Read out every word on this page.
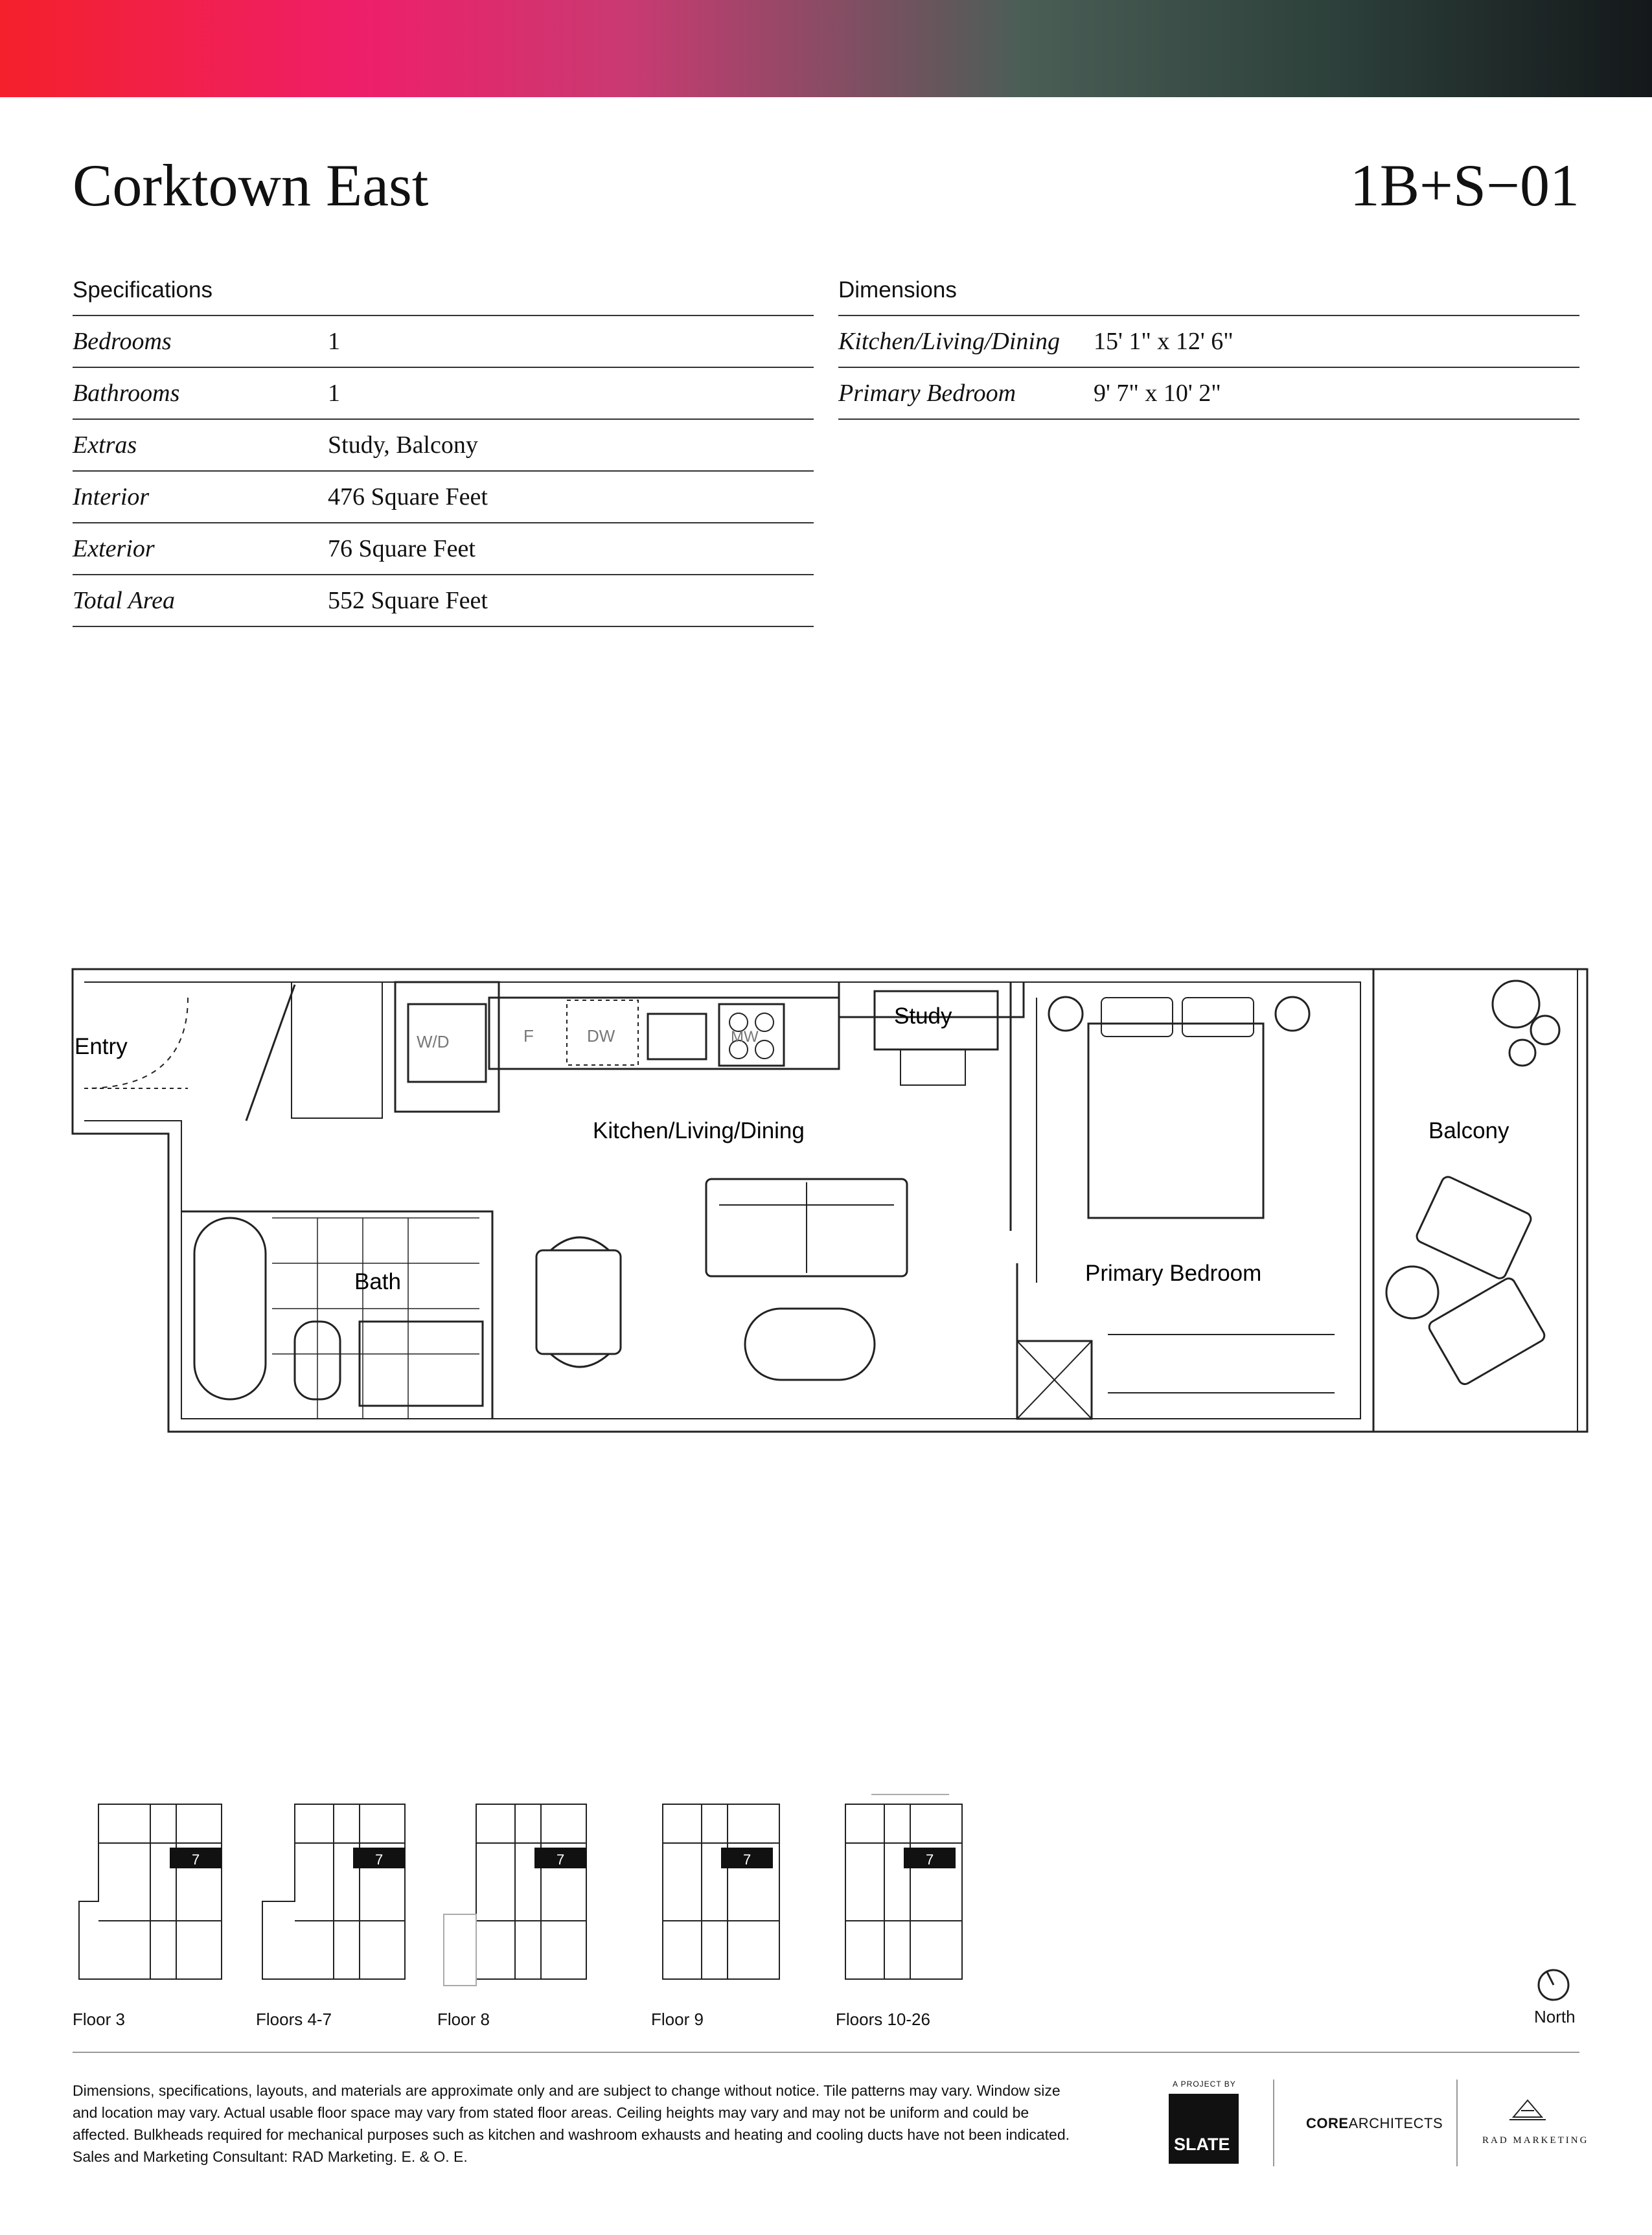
Corktown East	1B+S−01
Specifications
Bedrooms	1
Bathrooms	1
Extras	Study, Balcony
Interior	476 Square Feet
Exterior	76 Square Feet
Total Area	552 Square Feet
Dimensions
Kitchen/Living/Dining	15' 1" x 12' 6"
Primary Bedroom	9' 7" x 10' 2"
Entry	W/D	F	DW	MW
Study
Kitchen/Living/Dining
Bath	Primary Bedroom
Balcony
7	7	7	7	7
Floor 3	Floors 4-7	Floor 8	Floor 9	Floors 10-26	North
Dimensions, specifications, layouts, and materials are approximate only and are subject to change without notice. Tile patterns may vary. Window size and location may vary. Actual usable floor space may vary from stated floor areas. Ceiling heights may vary and may not be uniform and could be affected. Bulkheads required for mechanical purposes such as kitchen and washroom exhausts and heating and cooling ducts have not been indicated. Sales and Marketing Consultant: RAD Marketing. E. & O. E.
A PROJECT BY
SLATE
COREARCHITECTS
RAD MARKETING
